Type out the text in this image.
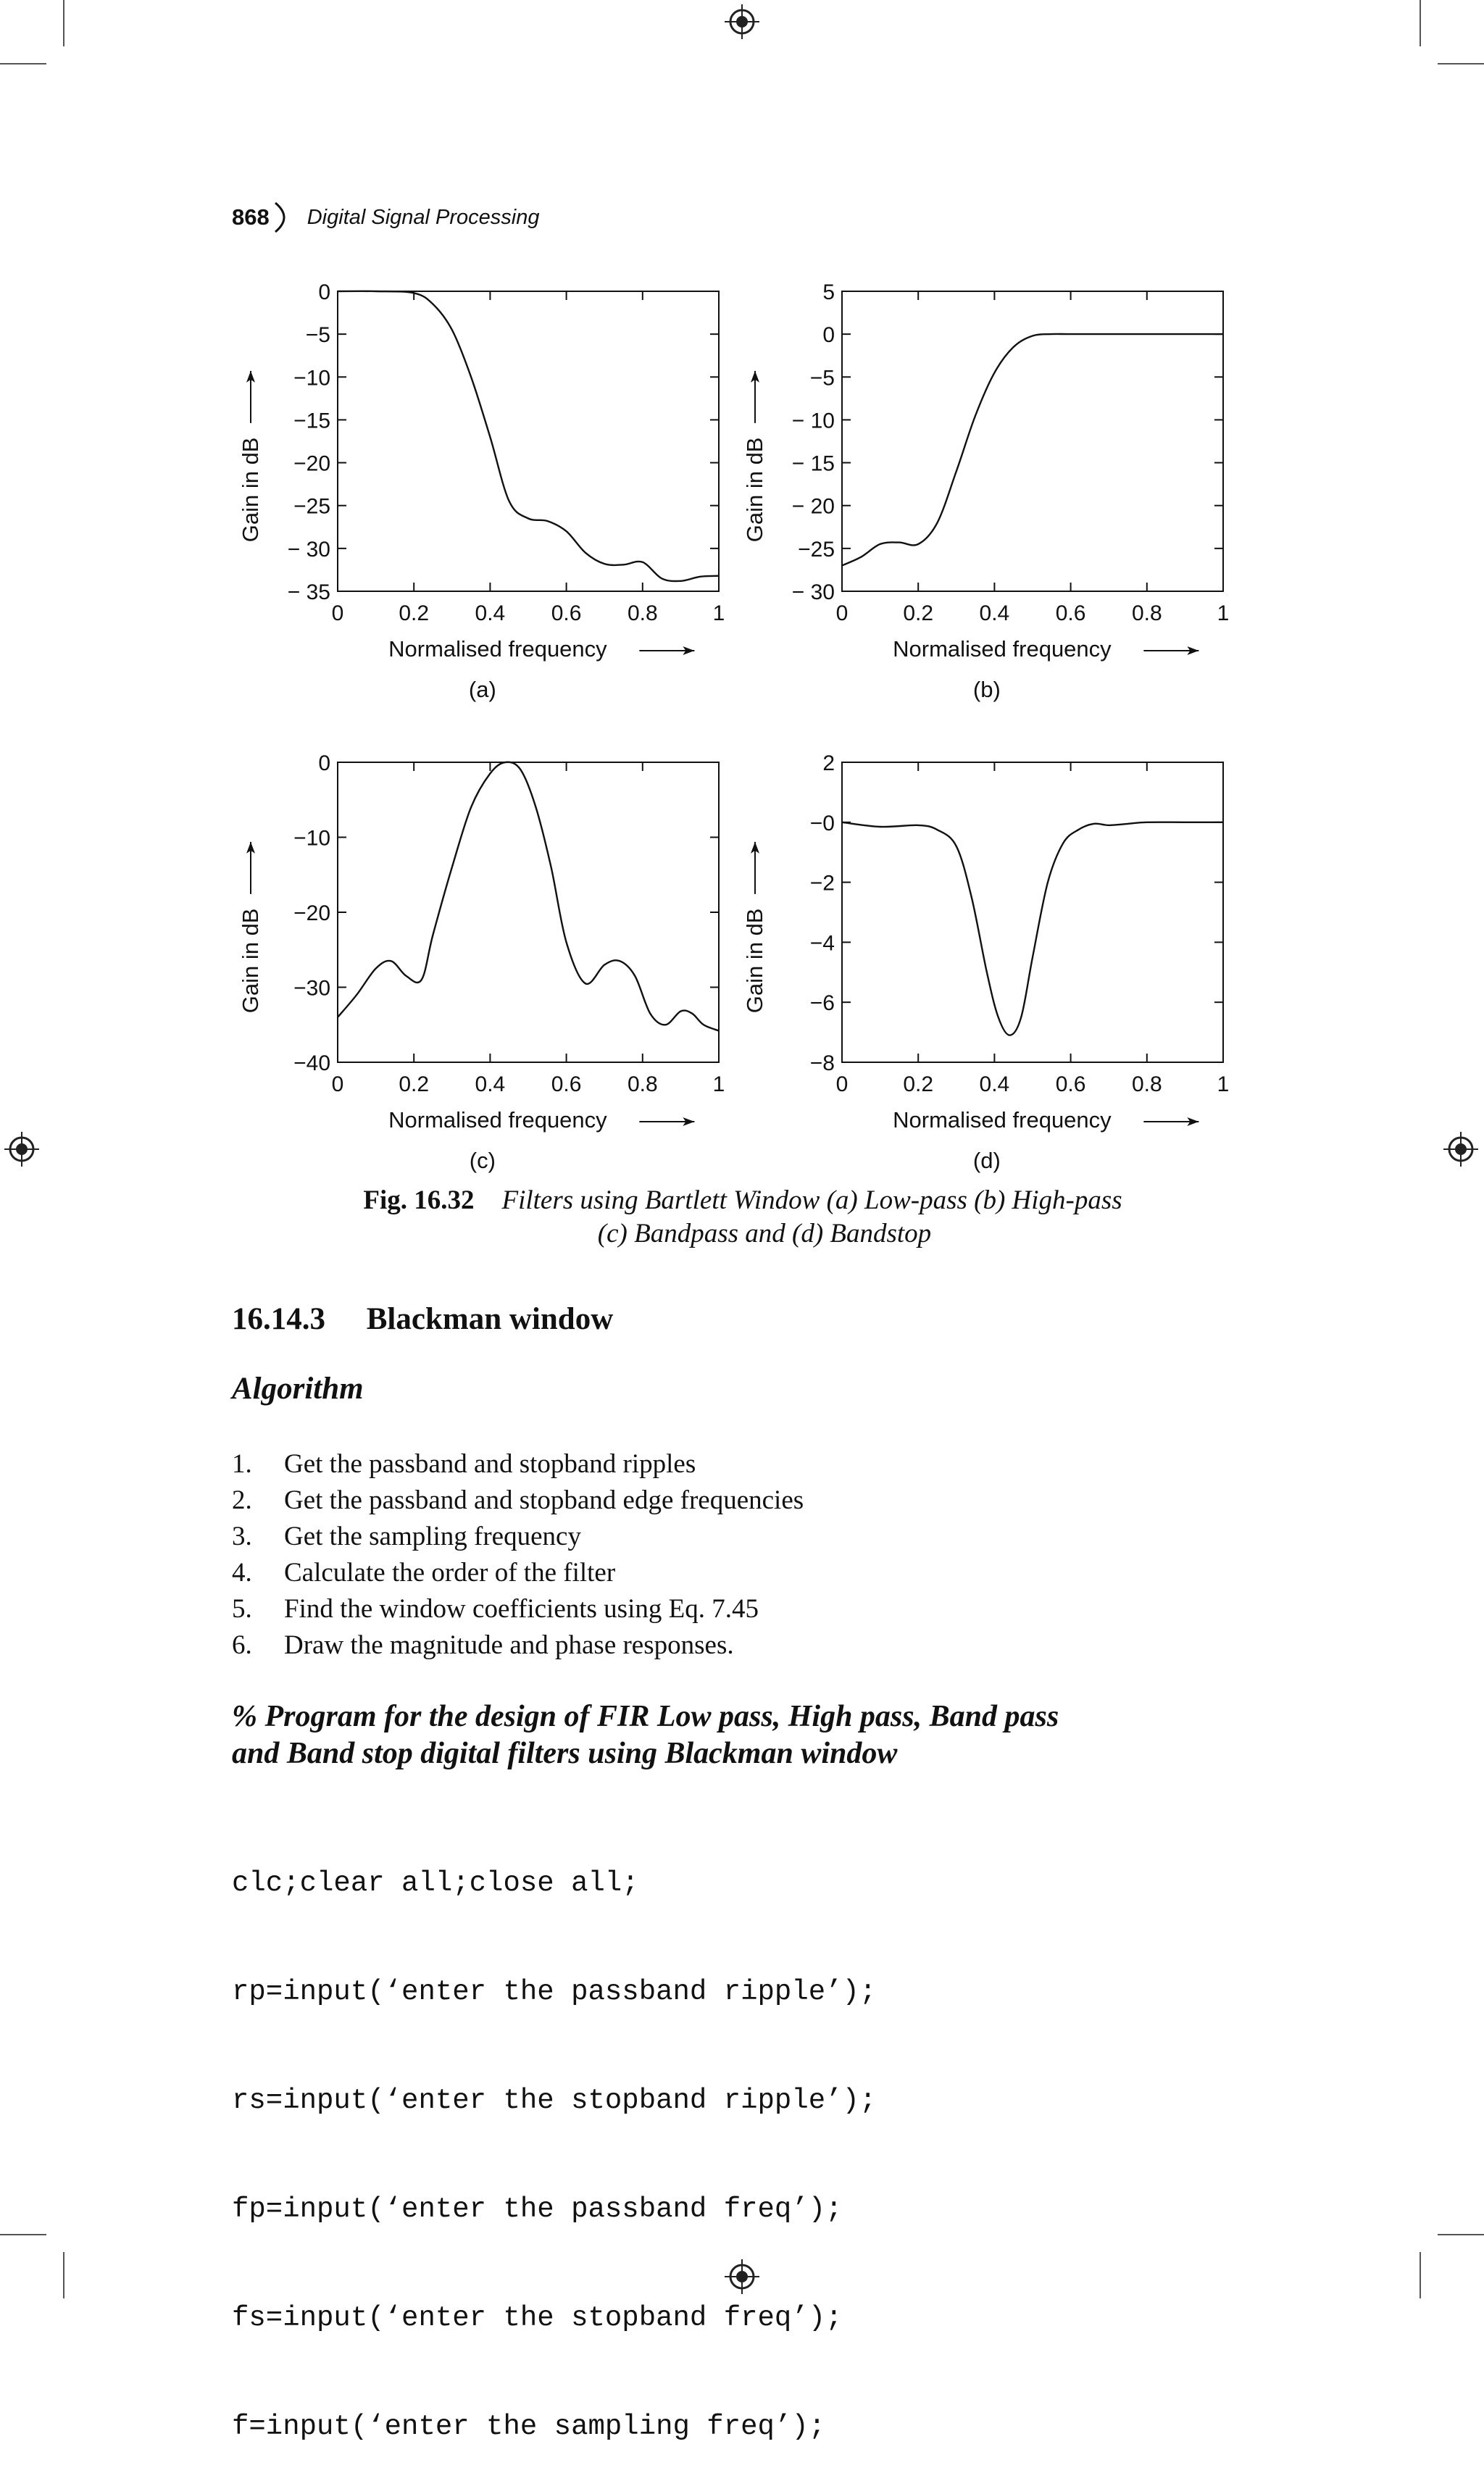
868 Digital Signal Processing
0	0.2 0.4 0.6 0.8	1
0
−5
−10
−15
−20
−25
− 30
− 35
Normalised frequency
Gain in dB
(a)
0	0.2 0.4 0.6 0.8	1
5
0
−5
− 10
− 15
− 20
−25
− 30
Normalised frequency
Gain in dB
(b)
0	0.2 0.4 0.6 0.8	1
0
−10
−20
−30
−40
Normalised frequency
Gain in dB
(c)
0	0.2 0.4 0.6 0.8	1
2
−0
−2
−4
−6
−8
Normalised frequency
Gain in dB
(d)
Fig. 16.32 Filters using Bartlett Window (a) Low-pass (b) High-pass
(c) Bandpass and (d) Bandstop
16.14.3 Blackman window
Algorithm
1.	Get the passband and stopband ripples
2.	Get the passband and stopband edge frequencies
3.	Get the sampling frequency
4.	Calculate the order of the filter
5.	Find the window coefficients using Eq. 7.45
6.	Draw the magnitude and phase responses.
% Program for the design of FIR Low pass, High pass, Band pass
and Band stop digital filters using Blackman window

clc;clear all;close all;

rp=input(‘enter the passband ripple’);

rs=input(‘enter the stopband ripple’);

fp=input(‘enter the passband freq’);

fs=input(‘enter the stopband freq’);

f=input(‘enter the sampling freq’);
